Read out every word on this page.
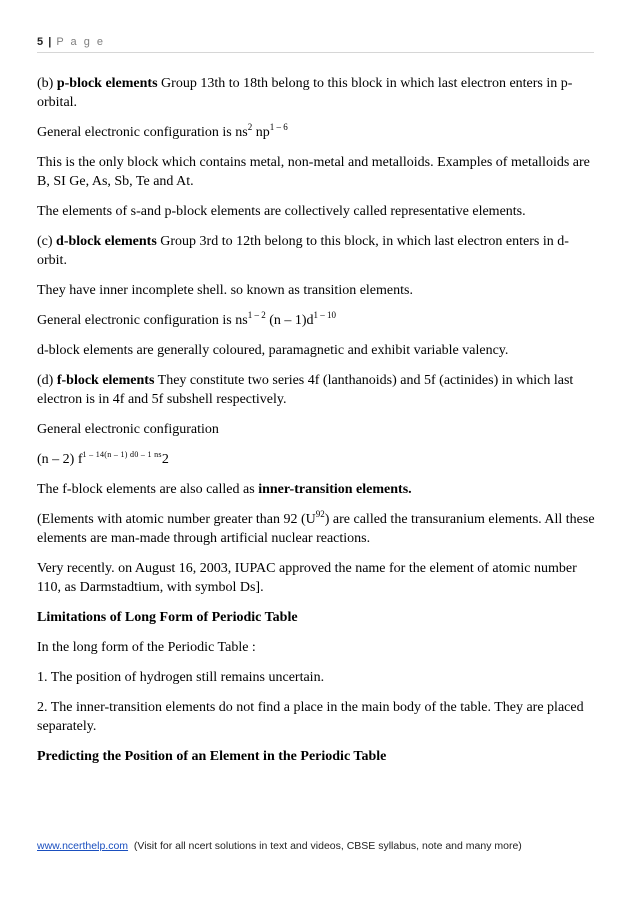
5 | P a g e

(b) p-block elements Group 13th to 18th belong to this block in which last electron enters in p-orbital.

General electronic configuration is $ns^2$ $np^{1 - 6}$

This is the only block which contains metal, non-metal and metalloids. Examples of metalloids are B, SI Ge, As, Sb, Te and At.

The elements of s-and p-block elements are collectively called representative elements.

(c) d-block elements Group 3rd to 12th belong to this block, in which last electron enters in d-orbit.

They have inner incomplete shell. so known as transition elements.

General electronic configuration is $ns^{1 - 2}$ $(n - 1)d^{1 - 10}$

d-block elements are generally coloured, paramagnetic and exhibit variable valency.

(d) f-block elements They constitute two series 4f (lanthanoids) and 5f (actinides) in which last electron is in 4f and 5f subshell respectively.

General electronic configuration

(n – 2) $f^{1 - 14(n - 1) d0 - 1 ns}2$

The f-block elements are also called as inner-transition elements.

(Elements with atomic number greater than 92 $(U^{92})$ are called the transuranium elements. All these elements are man-made through artificial nuclear reactions.

Very recently. on August 16, 2003, IUPAC approved the name for the element of atomic number 110, as Darmstadtium, with symbol Ds].

Limitations of Long Form of Periodic Table

In the long form of the Periodic Table :

1. The position of hydrogen still remains uncertain.

2. The inner-transition elements do not find a place in the main body of the table. They are placed separately.

Predicting the Position of an Element in the Periodic Table

www.ncerthelp.com  (Visit for all ncert solutions in text and videos, CBSE syllabus, note and many more)
